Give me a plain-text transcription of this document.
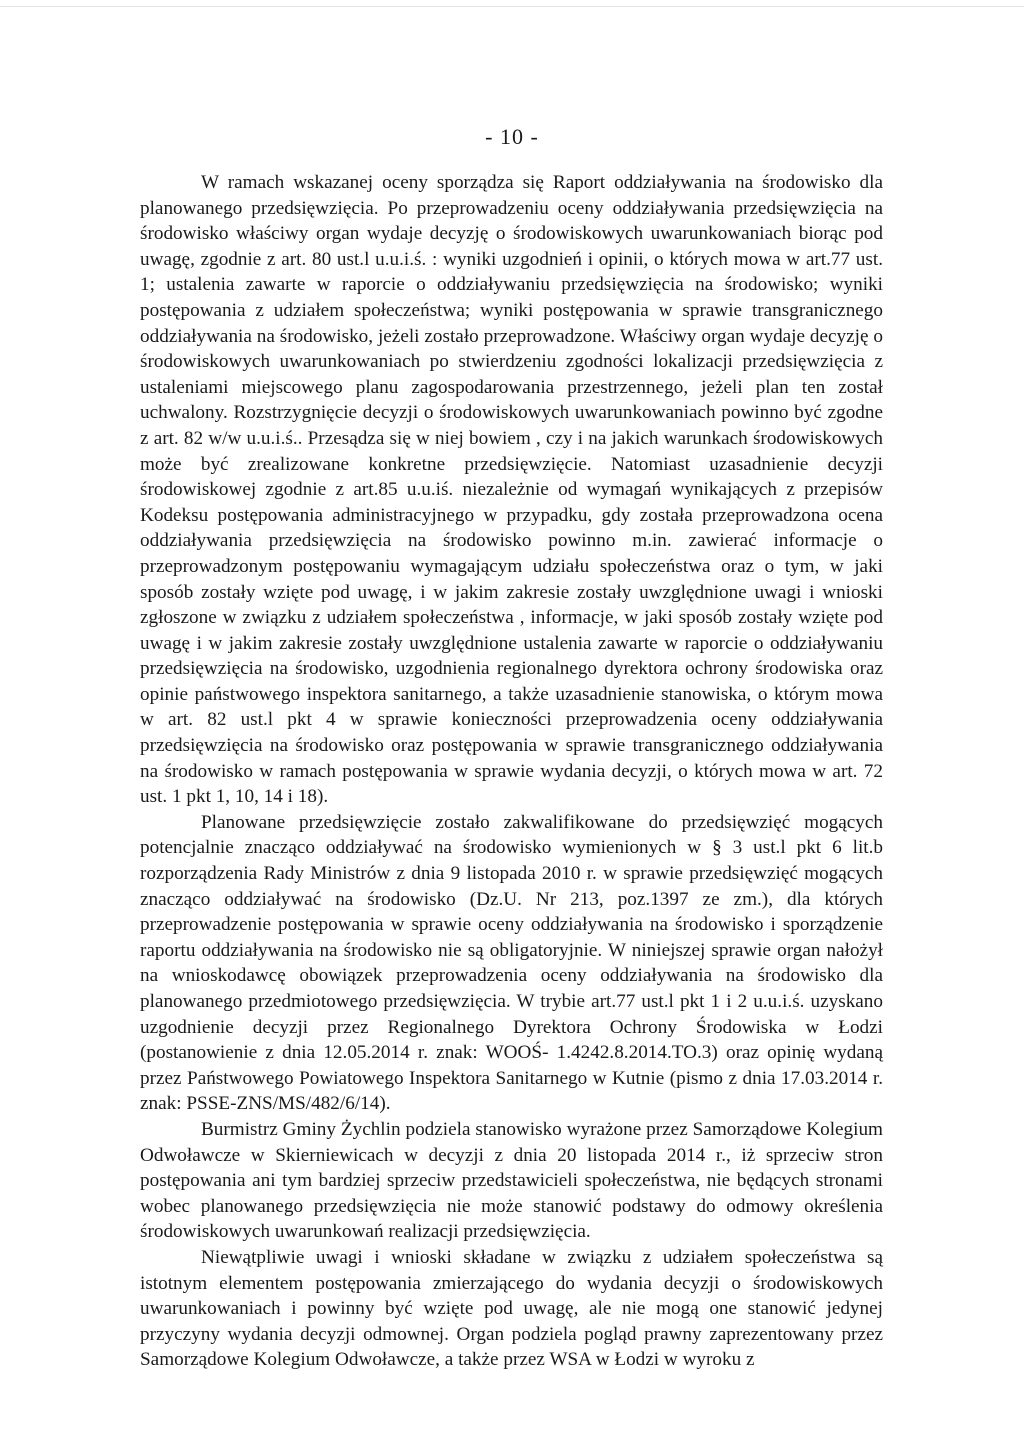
- 10 -

W ramach wskazanej oceny sporządza się Raport oddziaływania na środowisko dla planowanego przedsięwzięcia. Po przeprowadzeniu oceny oddziaływania przedsięwzięcia na środowisko właściwy organ wydaje decyzję o środowiskowych uwarunkowaniach biorąc pod uwagę, zgodnie z art. 80 ust.l u.u.i.ś. : wyniki uzgodnień i opinii, o których mowa w art.77 ust. 1; ustalenia zawarte w raporcie o oddziaływaniu przedsięwzięcia na środowisko; wyniki postępowania z udziałem społeczeństwa; wyniki postępowania w sprawie transgranicznego oddziaływania na środowisko, jeżeli zostało przeprowadzone. Właściwy organ wydaje decyzję o środowiskowych uwarunkowaniach po stwierdzeniu zgodności lokalizacji przedsięwzięcia z ustaleniami miejscowego planu zagospodarowania przestrzennego, jeżeli plan ten został uchwalony. Rozstrzygnięcie decyzji o środowiskowych uwarunkowaniach powinno być zgodne z art. 82 w/w u.u.i.ś.. Przesądza się w niej bowiem , czy i na jakich warunkach środowiskowych może być zrealizowane konkretne przedsięwzięcie. Natomiast uzasadnienie decyzji środowiskowej zgodnie z art.85 u.u.iś. niezależnie od wymagań wynikających z przepisów Kodeksu postępowania administracyjnego w przypadku, gdy została przeprowadzona ocena oddziaływania przedsięwzięcia na środowisko powinno m.in. zawierać informacje o przeprowadzonym postępowaniu wymagającym udziału społeczeństwa oraz o tym, w jaki sposób zostały wzięte pod uwagę, i w jakim zakresie zostały uwzględnione uwagi i wnioski zgłoszone w związku z udziałem społeczeństwa , informacje, w jaki sposób zostały wzięte pod uwagę i w jakim zakresie zostały uwzględnione ustalenia zawarte w raporcie o oddziaływaniu przedsięwzięcia na środowisko, uzgodnienia regionalnego dyrektora ochrony środowiska oraz opinie państwowego inspektora sanitarnego, a także uzasadnienie stanowiska, o którym mowa w art. 82 ust.l pkt 4 w sprawie konieczności przeprowadzenia oceny oddziaływania przedsięwzięcia na środowisko oraz postępowania w sprawie transgranicznego oddziaływania na środowisko w ramach postępowania w sprawie wydania decyzji, o których mowa w art. 72 ust. 1 pkt 1, 10, 14 i 18).

Planowane przedsięwzięcie zostało zakwalifikowane do przedsięwzięć mogących potencjalnie znacząco oddziaływać na środowisko wymienionych w § 3 ust.l pkt 6 lit.b rozporządzenia Rady Ministrów z dnia 9 listopada 2010 r. w sprawie przedsięwzięć mogących znacząco oddziaływać na środowisko (Dz.U. Nr 213, poz.1397 ze zm.), dla których przeprowadzenie postępowania w sprawie oceny oddziaływania na środowisko i sporządzenie raportu oddziaływania na środowisko nie są obligatoryjnie. W niniejszej sprawie organ nałożył na wnioskodawcę obowiązek przeprowadzenia oceny oddziaływania na środowisko dla planowanego przedmiotowego przedsięwzięcia. W trybie art.77 ust.l pkt 1 i 2 u.u.i.ś. uzyskano uzgodnienie decyzji przez Regionalnego Dyrektora Ochrony Środowiska w Łodzi (postanowienie z dnia 12.05.2014 r. znak: WOOŚ- 1.4242.8.2014.TO.3) oraz opinię wydaną przez Państwowego Powiatowego Inspektora Sanitarnego w Kutnie (pismo z dnia 17.03.2014 r. znak: PSSE-ZNS/MS/482/6/14).

Burmistrz Gminy Żychlin podziela stanowisko wyrażone przez Samorządowe Kolegium Odwoławcze w Skierniewicach w decyzji z dnia 20 listopada 2014 r., iż sprzeciw stron postępowania ani tym bardziej sprzeciw przedstawicieli społeczeństwa, nie będących stronami wobec planowanego przedsięwzięcia nie może stanowić podstawy do odmowy określenia środowiskowych uwarunkowań realizacji przedsięwzięcia.

Niewątpliwie uwagi i wnioski składane w związku z udziałem społeczeństwa są istotnym elementem postępowania zmierzającego do wydania decyzji o środowiskowych uwarunkowaniach i powinny być wzięte pod uwagę, ale nie mogą one stanowić jedynej przyczyny wydania decyzji odmownej. Organ podziela pogląd prawny zaprezentowany przez Samorządowe Kolegium Odwoławcze, a także przez WSA w Łodzi w wyroku z
